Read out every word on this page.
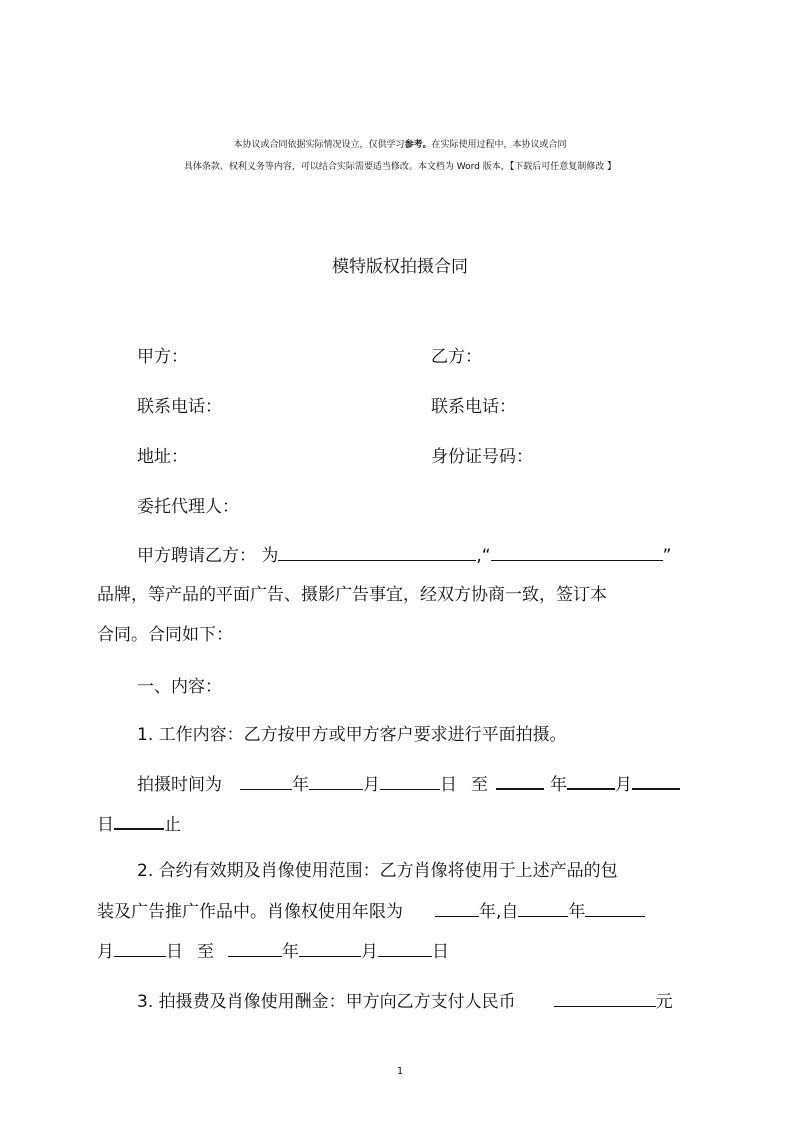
本协议或合同依据实际情况设立，仅供学习参考。在实际使用过程中，本协议或合同
具体条款、权利义务等内容，可以结合实际需要适当修改。本文档为 Word 版本，【下载后可任意复制修改 】
模特版权拍摄合同
甲方：	乙方：
联系电话：	联系电话：
地址：	身份证号码：
委托代理人：
甲方聘请乙方： 为	,“	”
品牌，等产品的平面广告、摄影广告事宜，经双方协商一致，签订本
合同。合同如下：
一、内容：
1. 工作内容：乙方按甲方或甲方客户要求进行平面拍摄。
拍摄时间为	年	月	日 至	年	月
日	止
2. 合约有效期及肖像使用范围：乙方肖像将使用于上述产品的包
装及广告推广作品中。肖像权使用年限为	年,自	年
月	日 至	年	月	日
3. 拍摄费及肖像使用酬金：甲方向乙方支付人民币	元
1
